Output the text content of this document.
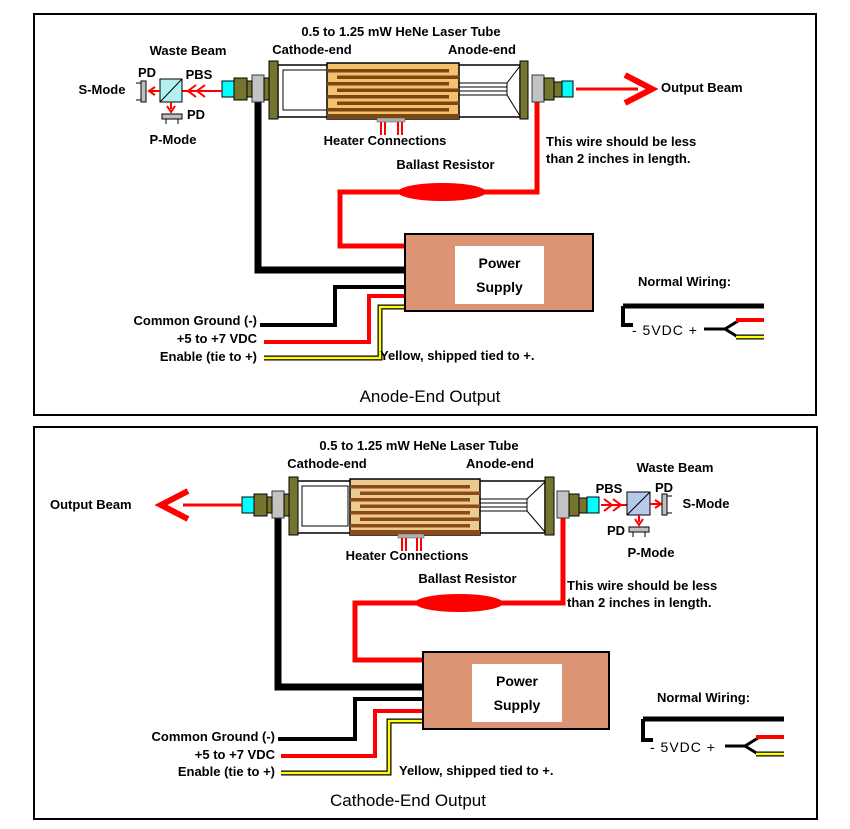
Power
Supply
0.5 to 1.25 mW HeNe Laser Tube
Cathode-end	Anode-end
Waste Beam
PD	PBS
S-Mode
PD
P-Mode	Heater Connections
Ballast Resistor
This wire should be less
than 2 inches in length.
Output Beam
Common Ground (-)
+5 to +7 VDC
Enable (tie to +)	Yellow, shipped tied to +.
Normal Wiring:
- 5VDC +
Anode-End Output
Power
Supply
0.5 to 1.25 mW HeNe Laser Tube
Cathode-end	Anode-end
Output Beam
Waste Beam
PBS	PD
S-Mode
PD
P-Mode
Heater Connections
Ballast Resistor	This wire should be less
than 2 inches in length.
Common Ground (-)
+5 to +7 VDC
Enable (tie to +)	Yellow, shipped tied to +.
Normal Wiring:
- 5VDC +
Cathode-End Output
